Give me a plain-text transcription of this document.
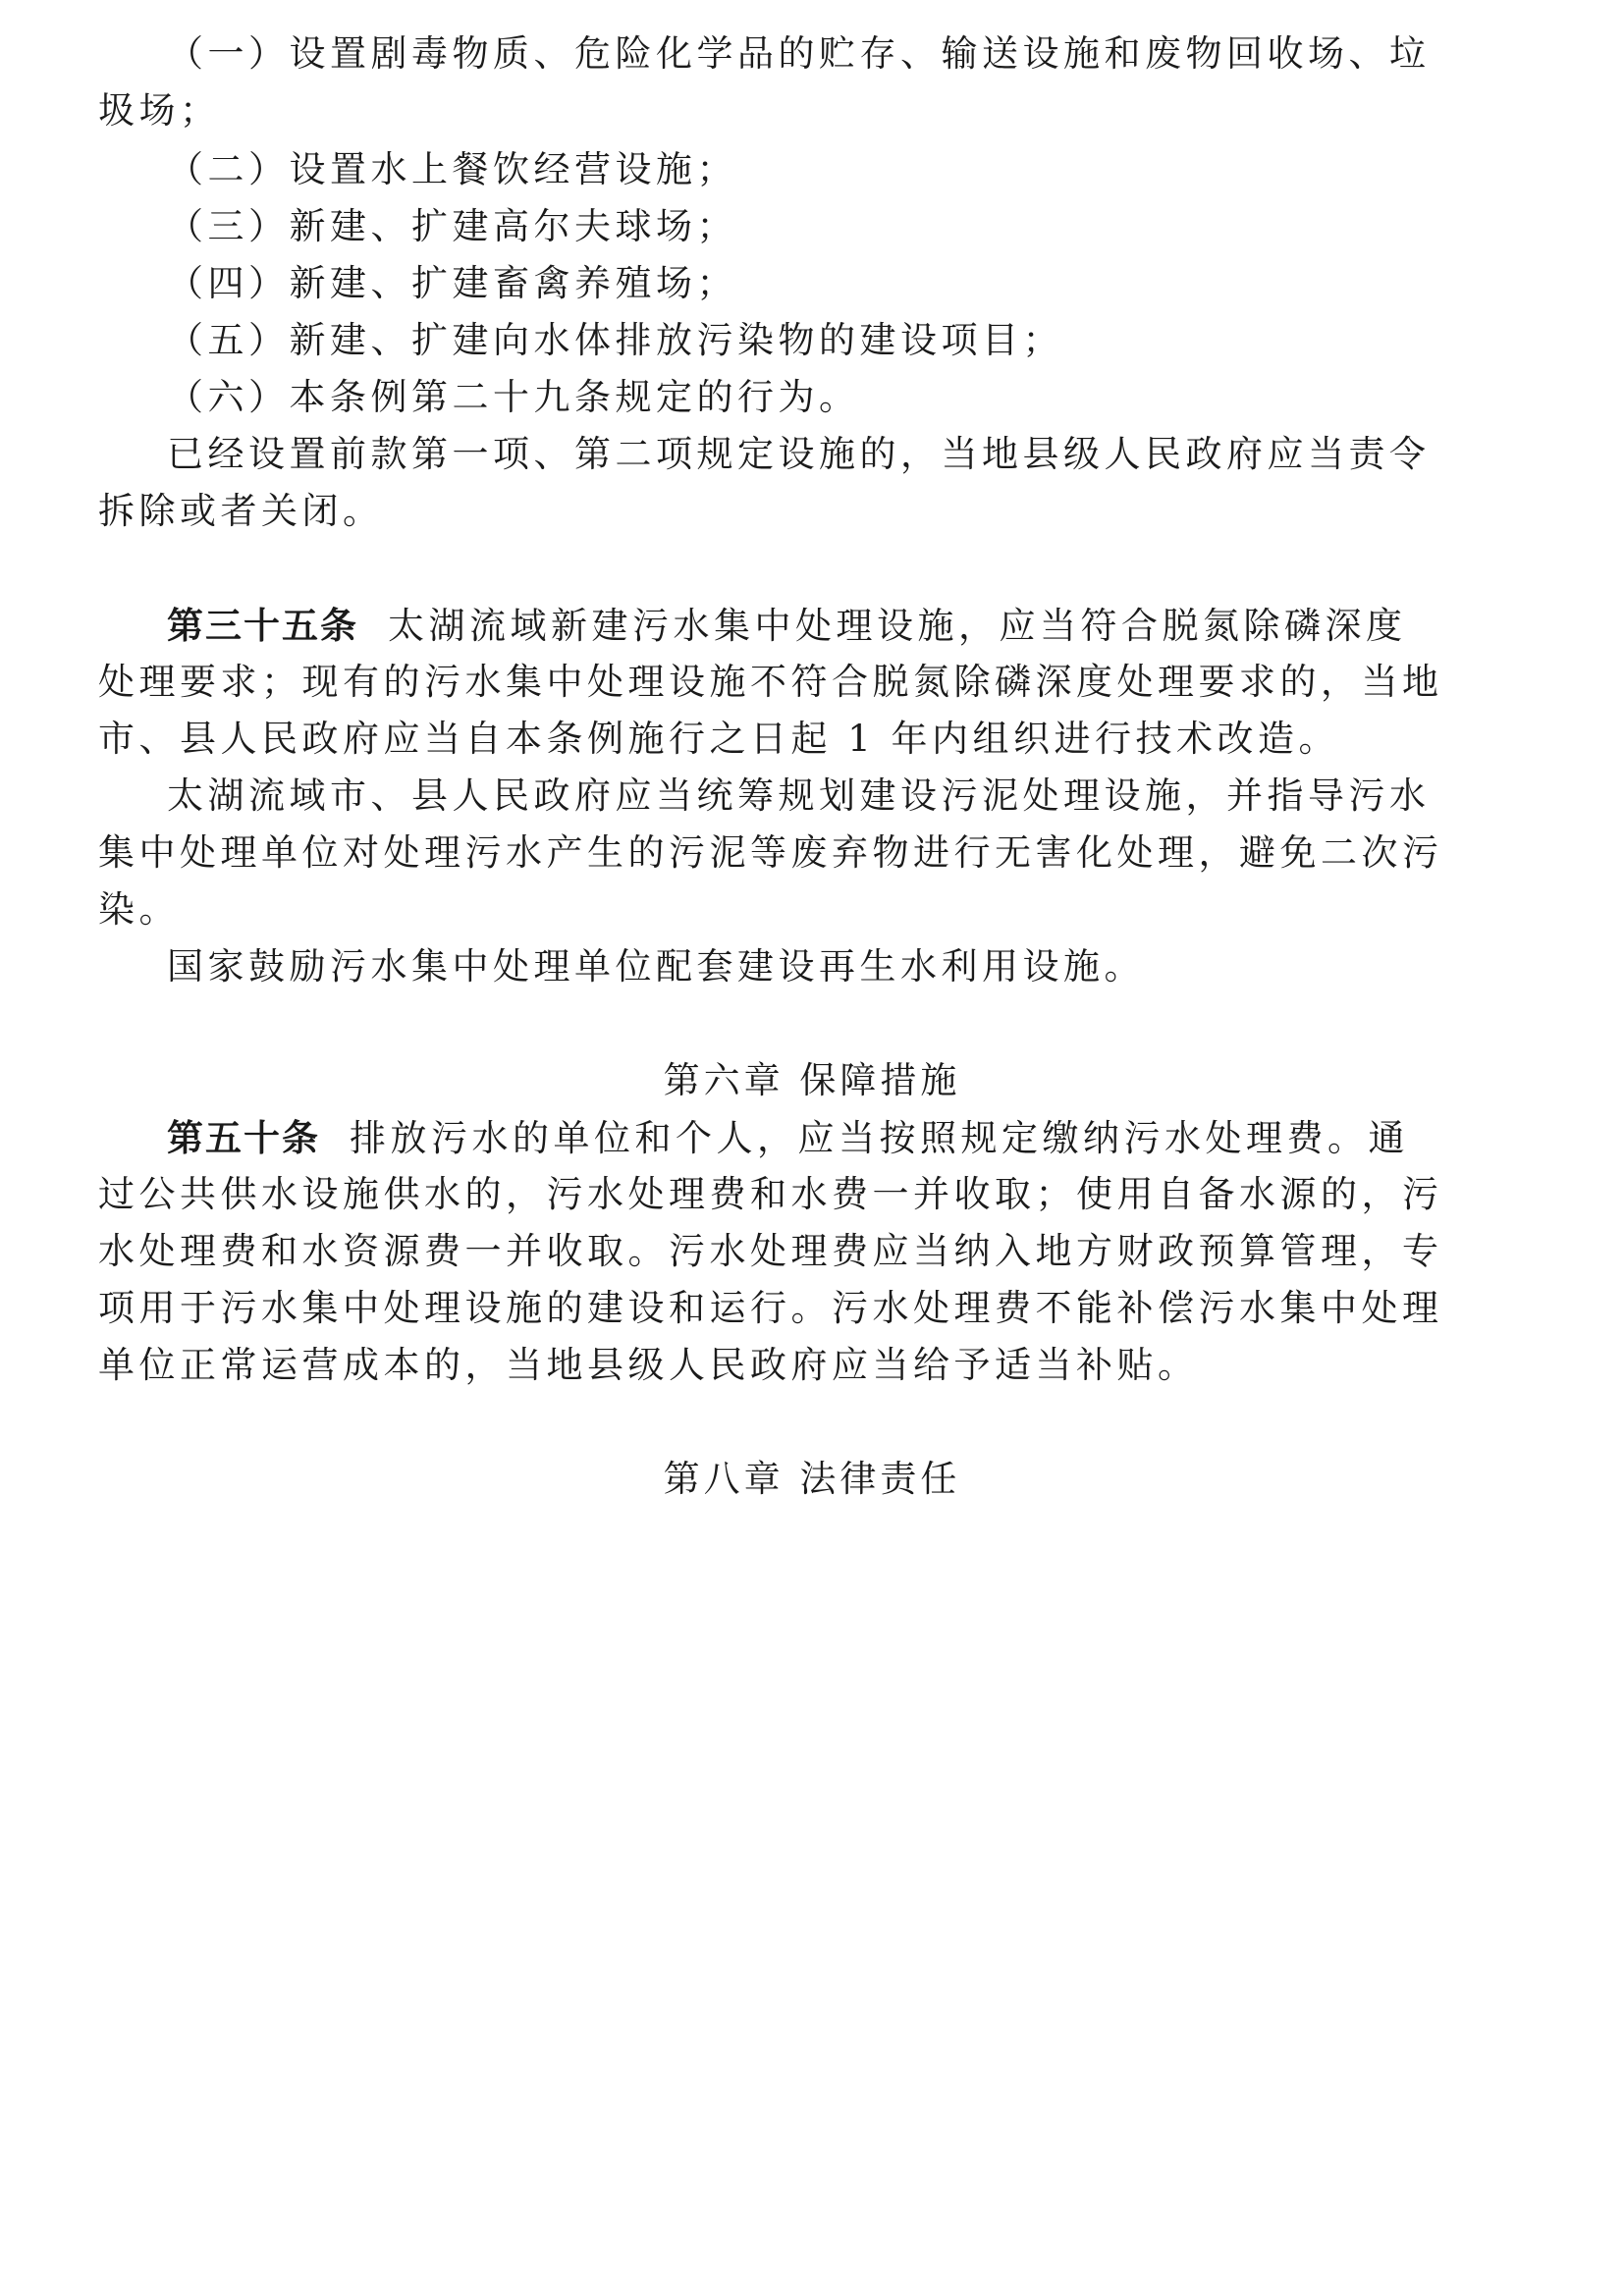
（一）设置剧毒物质、危险化学品的贮存、输送设施和废物回收场、垃
圾场；
（二）设置水上餐饮经营设施；
（三）新建、扩建高尔夫球场；
（四）新建、扩建畜禽养殖场；
（五）新建、扩建向水体排放污染物的建设项目；
（六）本条例第二十九条规定的行为。
已经设置前款第一项、第二项规定设施的，当地县级人民政府应当责令
拆除或者关闭。
第三十五条 太湖流域新建污水集中处理设施，应当符合脱氮除磷深度
处理要求；现有的污水集中处理设施不符合脱氮除磷深度处理要求的，当地
市、县人民政府应当自本条例施行之日起 1 年内组织进行技术改造。
太湖流域市、县人民政府应当统筹规划建设污泥处理设施，并指导污水
集中处理单位对处理污水产生的污泥等废弃物进行无害化处理，避免二次污
染。
国家鼓励污水集中处理单位配套建设再生水利用设施。
第六章 保障措施
第五十条 排放污水的单位和个人，应当按照规定缴纳污水处理费。通
过公共供水设施供水的，污水处理费和水费一并收取；使用自备水源的，污
水处理费和水资源费一并收取。污水处理费应当纳入地方财政预算管理，专
项用于污水集中处理设施的建设和运行。污水处理费不能补偿污水集中处理
单位正常运营成本的，当地县级人民政府应当给予适当补贴。
第八章 法律责任
